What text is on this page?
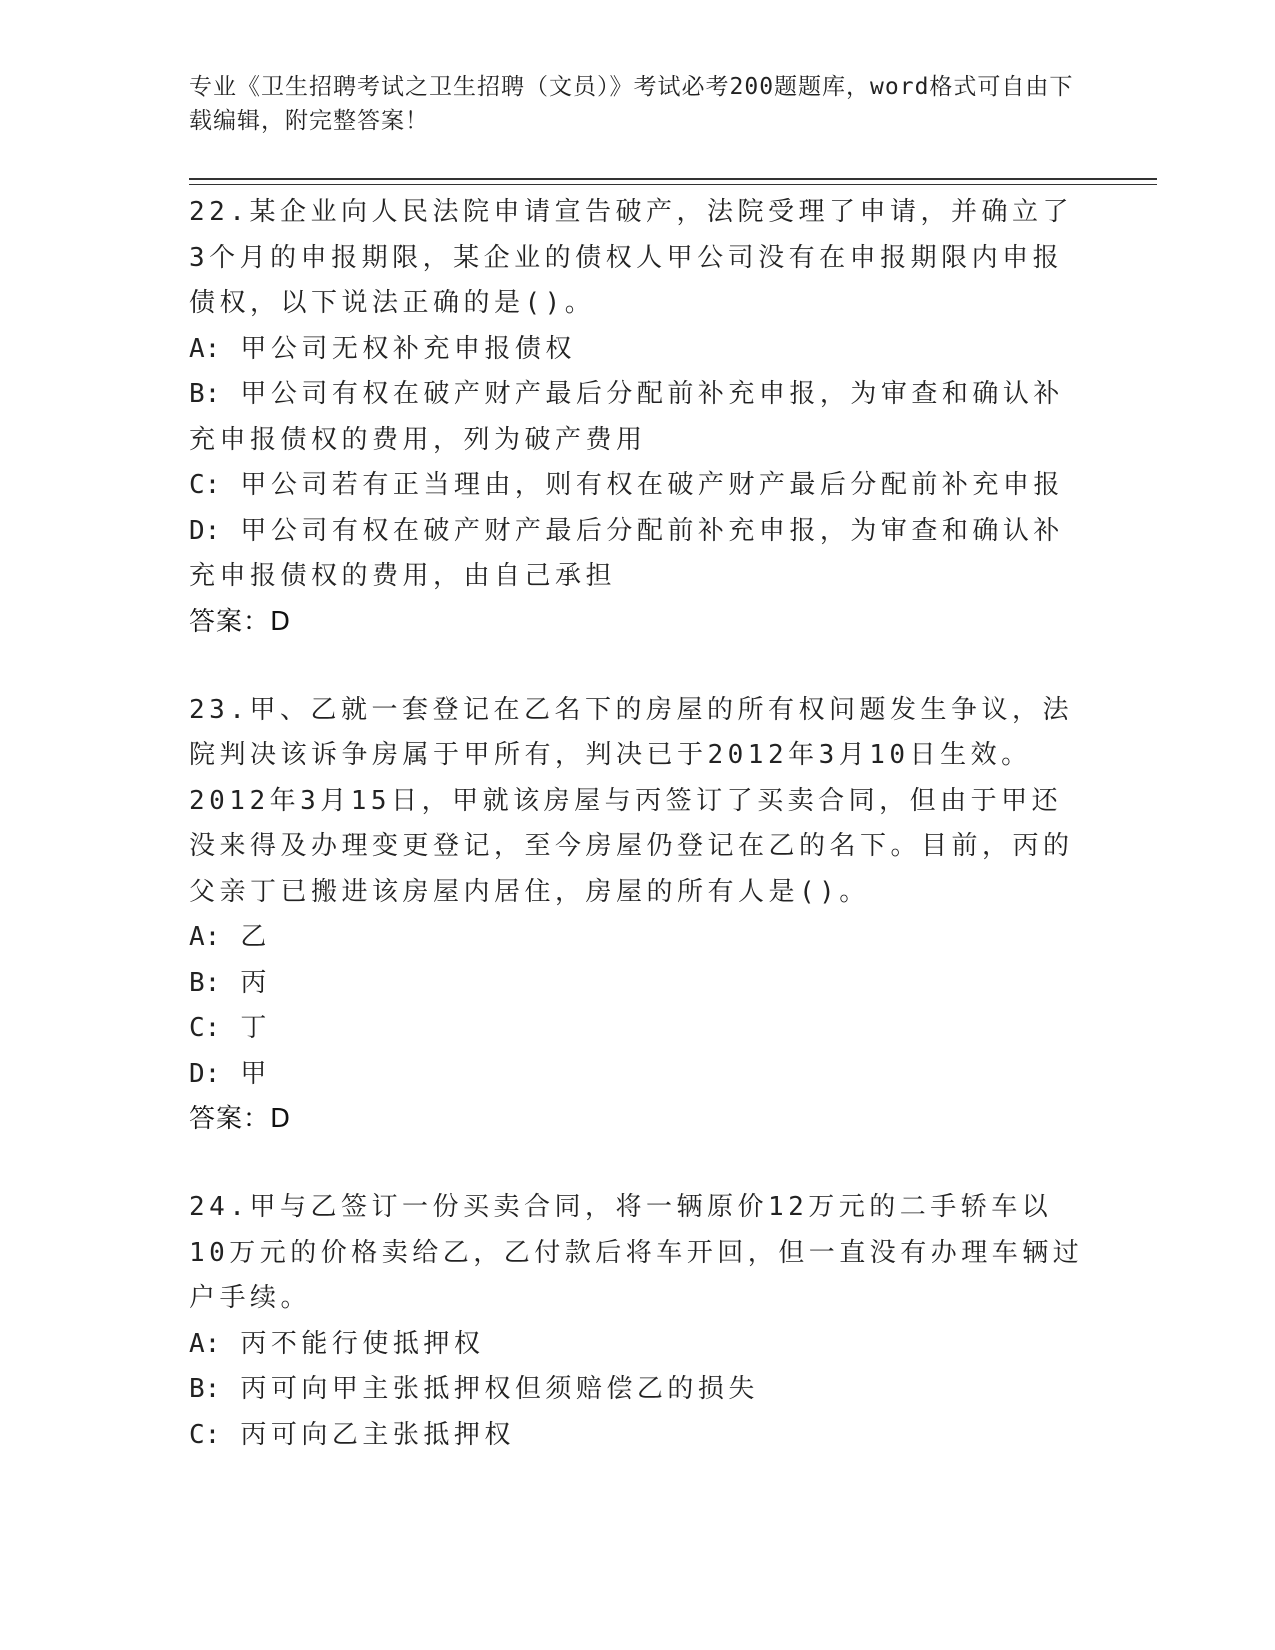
专业《卫生招聘考试之卫生招聘（文员）》考试必考200题题库，word格式可自由下载编辑，附完整答案！

22.某企业向人民法院申请宣告破产，法院受理了申请，并确立了3个月的申报期限，某企业的债权人甲公司没有在申报期限内申报债权，以下说法正确的是()。

A: 甲公司无权补充申报债权

B: 甲公司有权在破产财产最后分配前补充申报，为审查和确认补充申报债权的费用，列为破产费用

C: 甲公司若有正当理由，则有权在破产财产最后分配前补充申报

D: 甲公司有权在破产财产最后分配前补充申报，为审查和确认补充申报债权的费用，由自己承担

答案：D

23.甲、乙就一套登记在乙名下的房屋的所有权问题发生争议，法院判决该诉争房属于甲所有，判决已于2012年3月10日生效。2012年3月15日，甲就该房屋与丙签订了买卖合同，但由于甲还没来得及办理变更登记，至今房屋仍登记在乙的名下。目前，丙的父亲丁已搬进该房屋内居住，房屋的所有人是()。

A: 乙

B: 丙

C: 丁

D: 甲

答案：D

24.甲与乙签订一份买卖合同，将一辆原价12万元的二手轿车以10万元的价格卖给乙，乙付款后将车开回，但一直没有办理车辆过户手续。

A: 丙不能行使抵押权

B: 丙可向甲主张抵押权但须赔偿乙的损失

C: 丙可向乙主张抵押权
